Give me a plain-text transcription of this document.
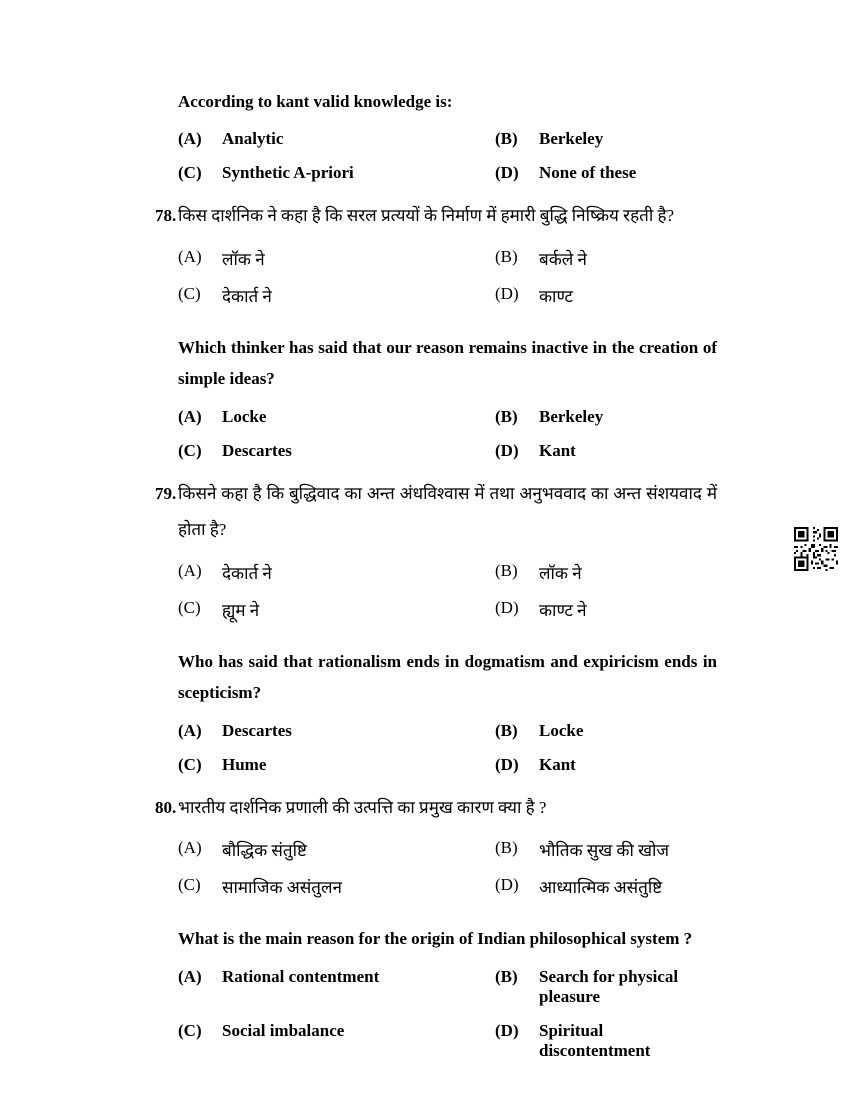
According to kant valid knowledge is:

(A)	Analytic	(B)	Berkeley
(C)	Synthetic A-priori	(D)	None of these
78. किस दार्शनिक ने कहा है कि सरल प्रत्ययों के निर्माण में हमारी बुद्धि निष्क्रिय रहती है?
(A)	लॉक ने	(B)	बर्कले ने
(C)	देकार्त ने	(D)	काण्ट

Which thinker has said that our reason remains inactive in the creation of simple ideas?

(A)	Locke	(B)	Berkeley
(C)	Descartes	(D)	Kant
79. किसने कहा है कि बुद्धिवाद का अन्त अंधविश्वास में तथा अनुभववाद का अन्त संशयवाद में होता है?
(A)	देकार्त ने	(B)	लॉक ने
(C)	ह्यूम ने	(D)	काण्ट ने

Who has said that rationalism ends in dogmatism and expiricism ends in scepticism?

(A)	Descartes	(B)	Locke
(C)	Hume	(D)	Kant
80. भारतीय दार्शनिक प्रणाली की उत्पत्ति का प्रमुख कारण क्या है ?
(A)	बौद्धिक संतुष्टि	(B)	भौतिक सुख की खोज
(C)	सामाजिक असंतुलन	(D)	आध्यात्मिक असंतुष्टि

What is the main reason for the origin of Indian philosophical system ?

(A)	Rational contentment	(B)	Search for physical pleasure
(C)	Social imbalance	(D)	Spiritual discontentment
